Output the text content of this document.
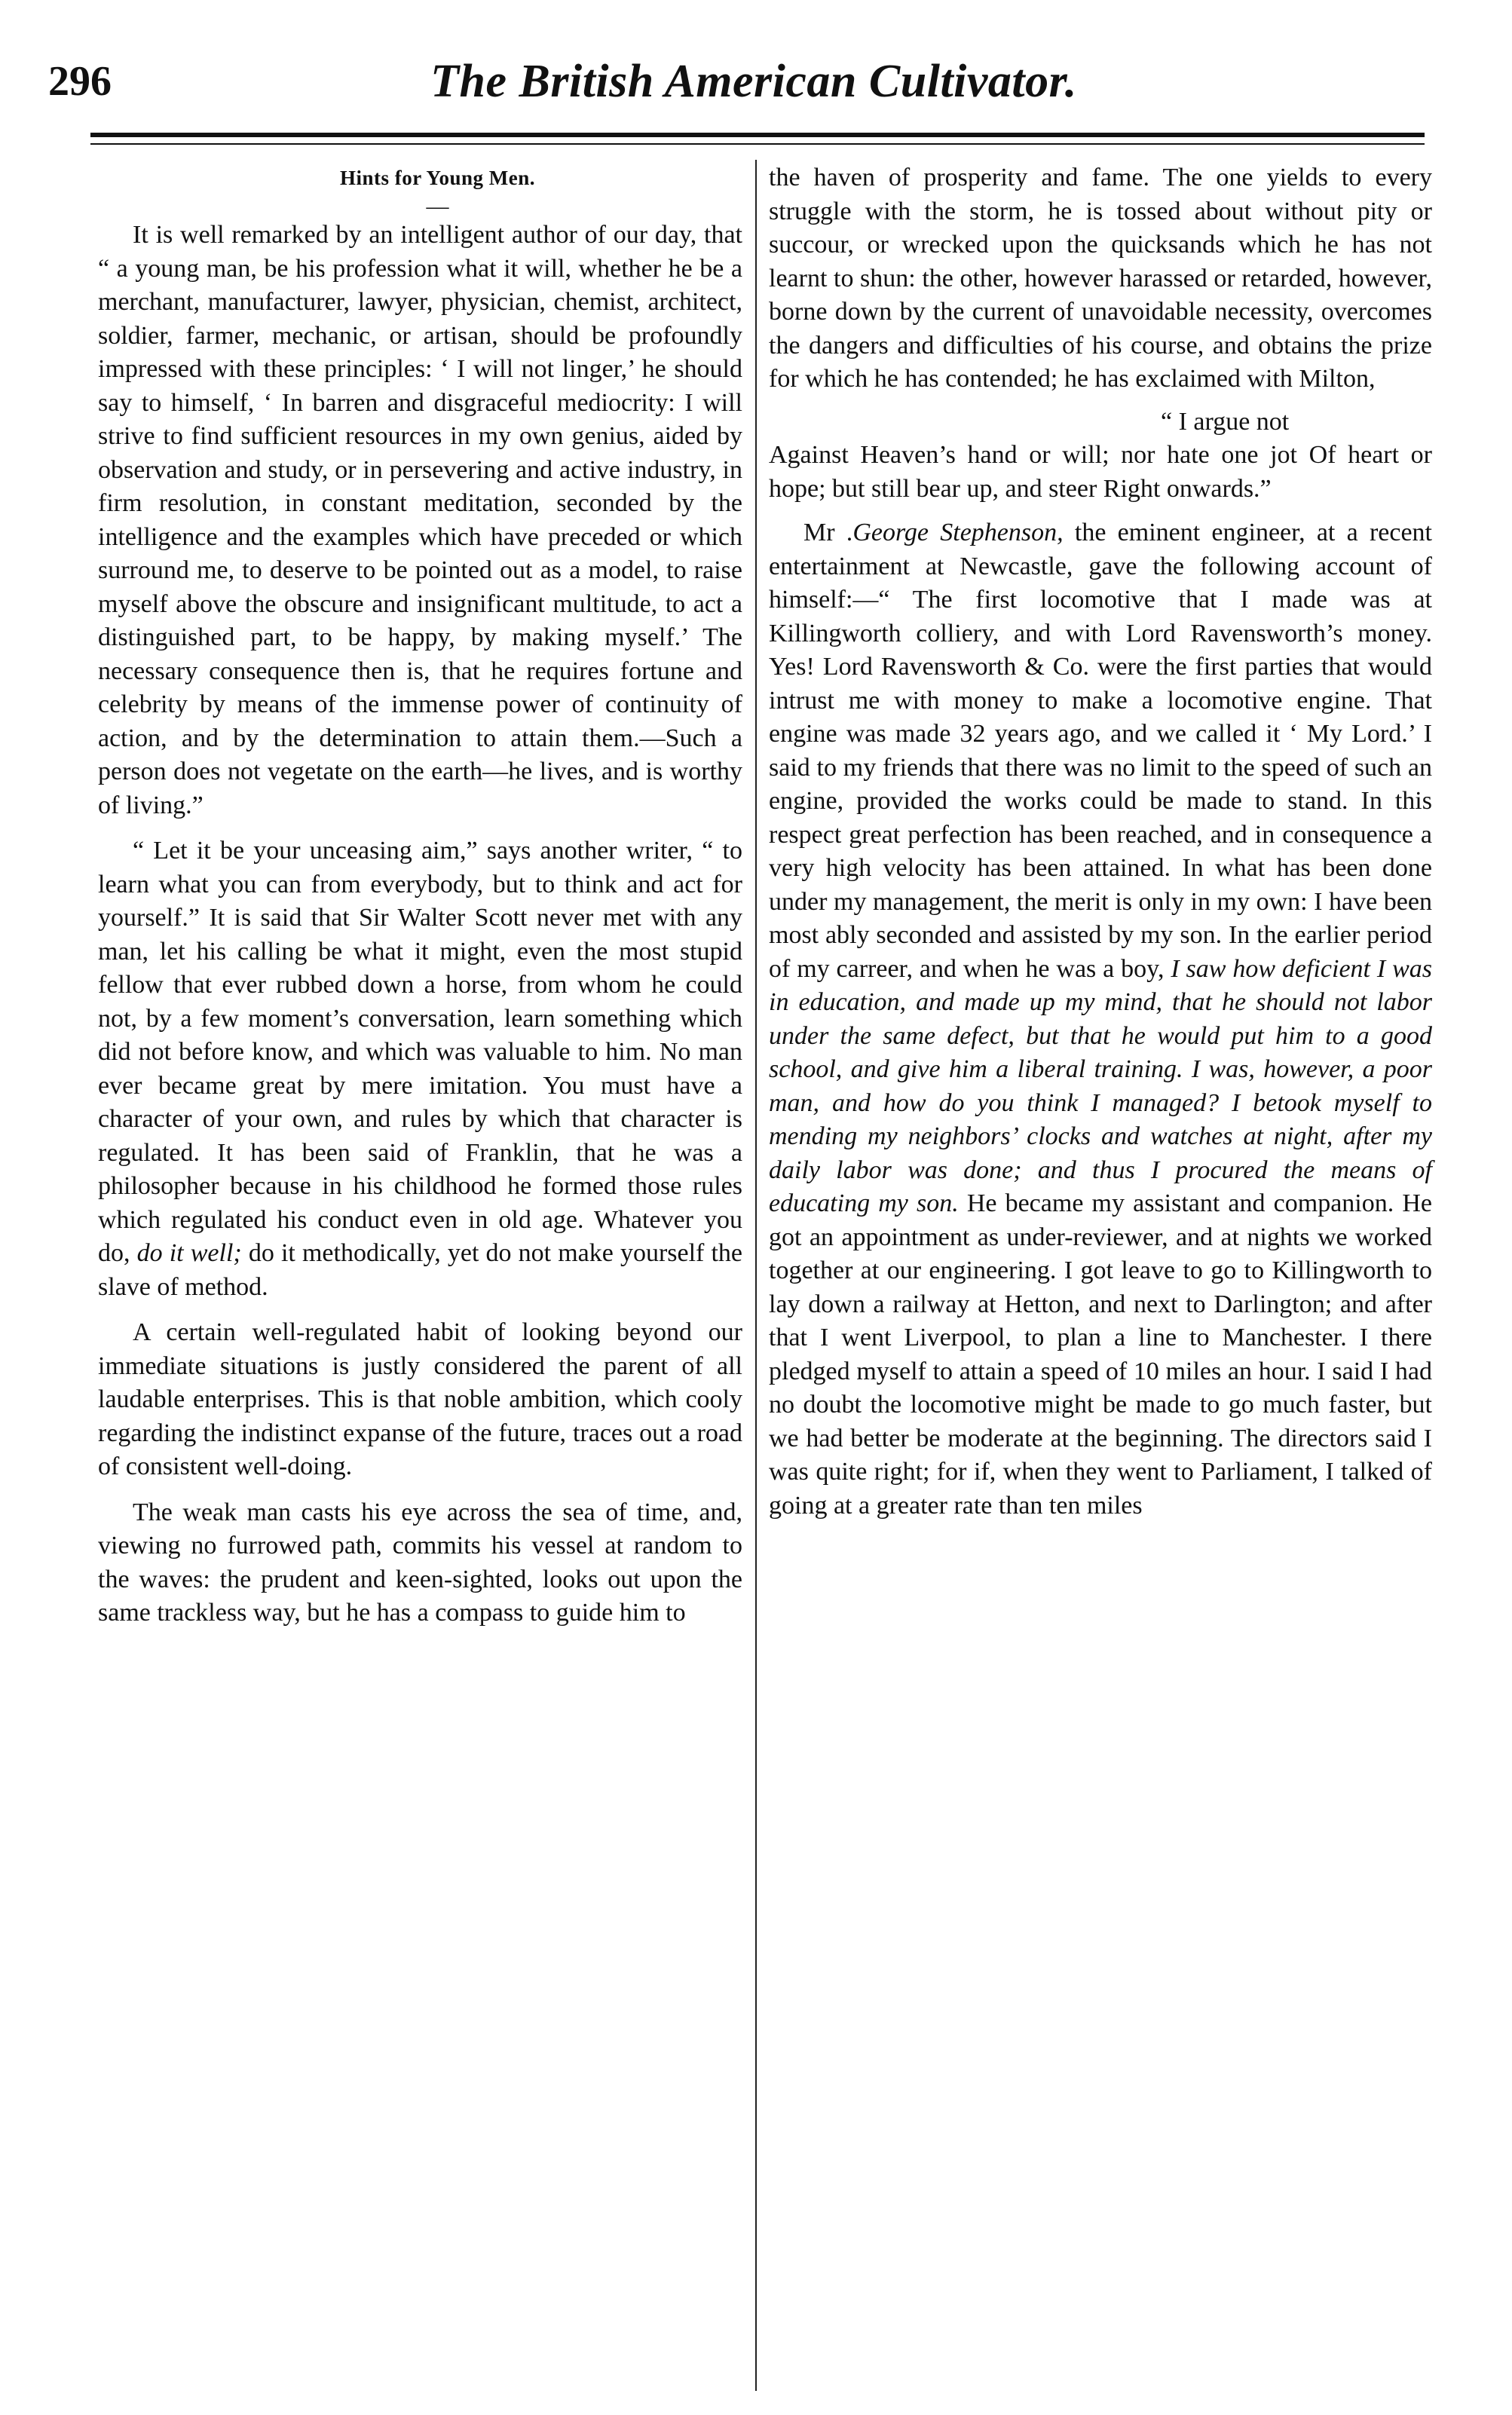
296	The British American Cultivator.

Hints for Young Men.

—

It is well remarked by an intelligent author of our day, that “ a young man, be his profession what it will, whether he be a merchant, manufacturer, lawyer, physician, chemist, architect, soldier, farmer, mechanic, or artisan, should be profoundly impressed with these principles: ‘ I will not linger,’ he should say to himself, ‘ In barren and disgraceful mediocrity: I will strive to find sufficient resources in my own genius, aided by observation and study, or in persevering and active industry, in firm resolution, in constant meditation, seconded by the intelligence and the examples which have preceded or which surround me, to deserve to be pointed out as a model, to raise myself above the obscure and insignificant multitude, to act a distinguished part, to be happy, by making myself.’ The necessary consequence then is, that he requires fortune and celebrity by means of the immense power of continuity of action, and by the determination to attain them.—Such a person does not vegetate on the earth—he lives, and is worthy of living.”

“ Let it be your unceasing aim,” says another writer, “ to learn what you can from everybody, but to think and act for yourself.” It is said that Sir Walter Scott never met with any man, let his calling be what it might, even the most stupid fellow that ever rubbed down a horse, from whom he could not, by a few moment’s conversation, learn something which did not before know, and which was valuable to him. No man ever became great by mere imitation. You must have a character of your own, and rules by which that character is regulated. It has been said of Franklin, that he was a philosopher because in his childhood he formed those rules which regulated his conduct even in old age. Whatever you do, do it well; do it methodically, yet do not make yourself the slave of method.

A certain well-regulated habit of looking beyond our immediate situations is justly considered the parent of all laudable enterprises. This is that noble ambition, which cooly regarding the indistinct expanse of the future, traces out a road of consistent well-doing.

The weak man casts his eye across the sea of time, and, viewing no furrowed path, commits his vessel at random to the waves: the prudent and keen-sighted, looks out upon the same trackless way, but he has a compass to guide him to

the haven of prosperity and fame. The one yields to every struggle with the storm, he is tossed about without pity or succour, or wrecked upon the quicksands which he has not learnt to shun: the other, however harassed or retarded, however, borne down by the current of unavoidable necessity, overcomes the dangers and difficulties of his course, and obtains the prize for which he has contended; he has exclaimed with Milton,

“ I argue not
Against Heaven’s hand or will; nor hate one jot Of heart or hope; but still bear up, and steer Right onwards.”

Mr .George Stephenson, the eminent engineer, at a recent entertainment at Newcastle, gave the following account of himself:—“ The first locomotive that I made was at Killingworth colliery, and with Lord Ravensworth’s money. Yes! Lord Ravensworth & Co. were the first parties that would intrust me with money to make a locomotive engine. That engine was made 32 years ago, and we called it ‘ My Lord.’ I said to my friends that there was no limit to the speed of such an engine, provided the works could be made to stand. In this respect great perfection has been reached, and in consequence a very high velocity has been attained. In what has been done under my management, the merit is only in my own: I have been most ably seconded and assisted by my son. In the earlier period of my carreer, and when he was a boy, I saw how deficient I was in education, and made up my mind, that he should not labor under the same defect, but that he would put him to a good school, and give him a liberal training. I was, however, a poor man, and how do you think I managed? I betook myself to mending my neighbors’ clocks and watches at night, after my daily labor was done; and thus I procured the means of educating my son. He became my assistant and companion. He got an appointment as under-reviewer, and at nights we worked together at our engineering. I got leave to go to Killingworth to lay down a railway at Hetton, and next to Darlington; and after that I went Liverpool, to plan a line to Manchester. I there pledged myself to attain a speed of 10 miles an hour. I said I had no doubt the locomotive might be made to go much faster, but we had better be moderate at the beginning. The directors said I was quite right; for if, when they went to Parliament, I talked of going at a greater rate than ten miles
